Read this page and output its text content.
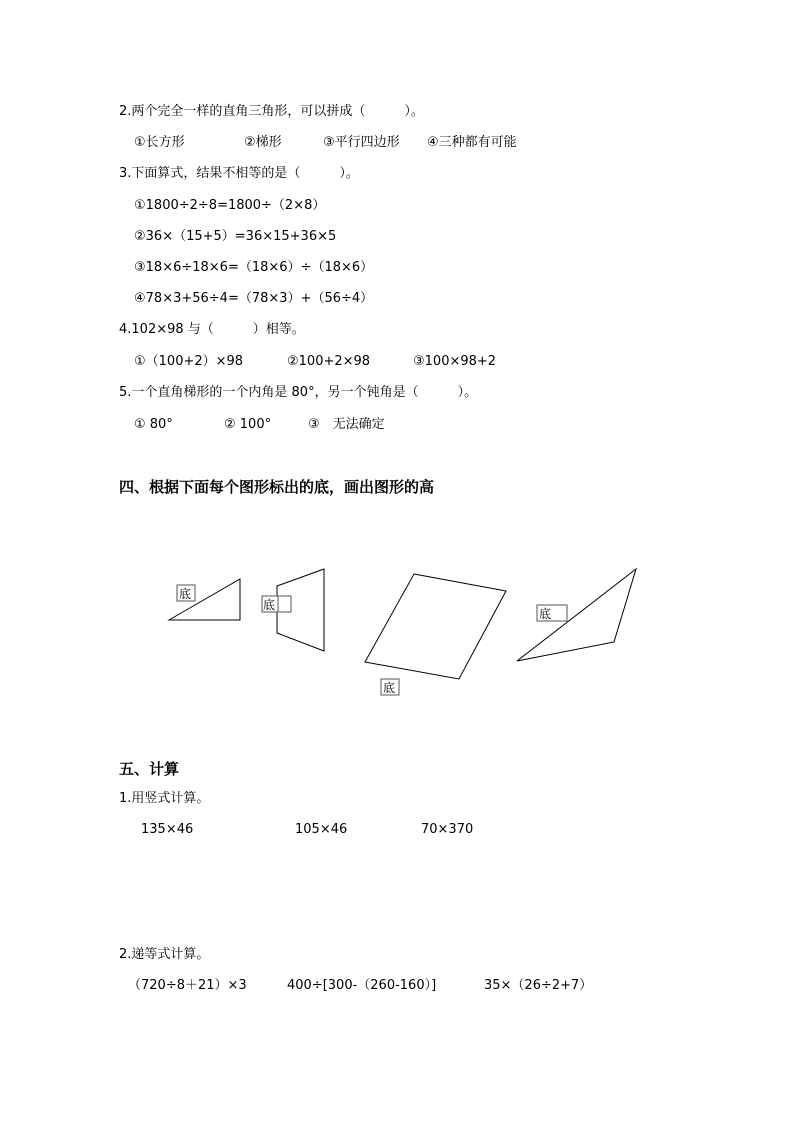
2.两个完全一样的直角三角形，可以拼成（　　　）。
①长方形	②梯形	③平行四边形 ④三种都有可能
3.下面算式，结果不相等的是（　　　）。
①1800÷2÷8=1800÷（2×8）
②36×（15+5）=36×15+36×5
③18×6÷18×6=（18×6）÷（18×6）
④78×3+56÷4=（78×3）+（56÷4）
4.102×98 与（　　　）相等。
①（100+2）×98	②100+2×98	③100×98+2
5.一个直角梯形的一个内角是 80°，另一个钝角是（　　　）。
① 80°	② 100°	③　无法确定
四、根据下面每个图形标出的底，画出图形的高
底
底
底
底
五、计算
1.用竖式计算。
135×46	105×46	70×370
2.递等式计算。
（720÷8＋21）×3	400÷[300-（260-160）]	35×（26÷2+7）
